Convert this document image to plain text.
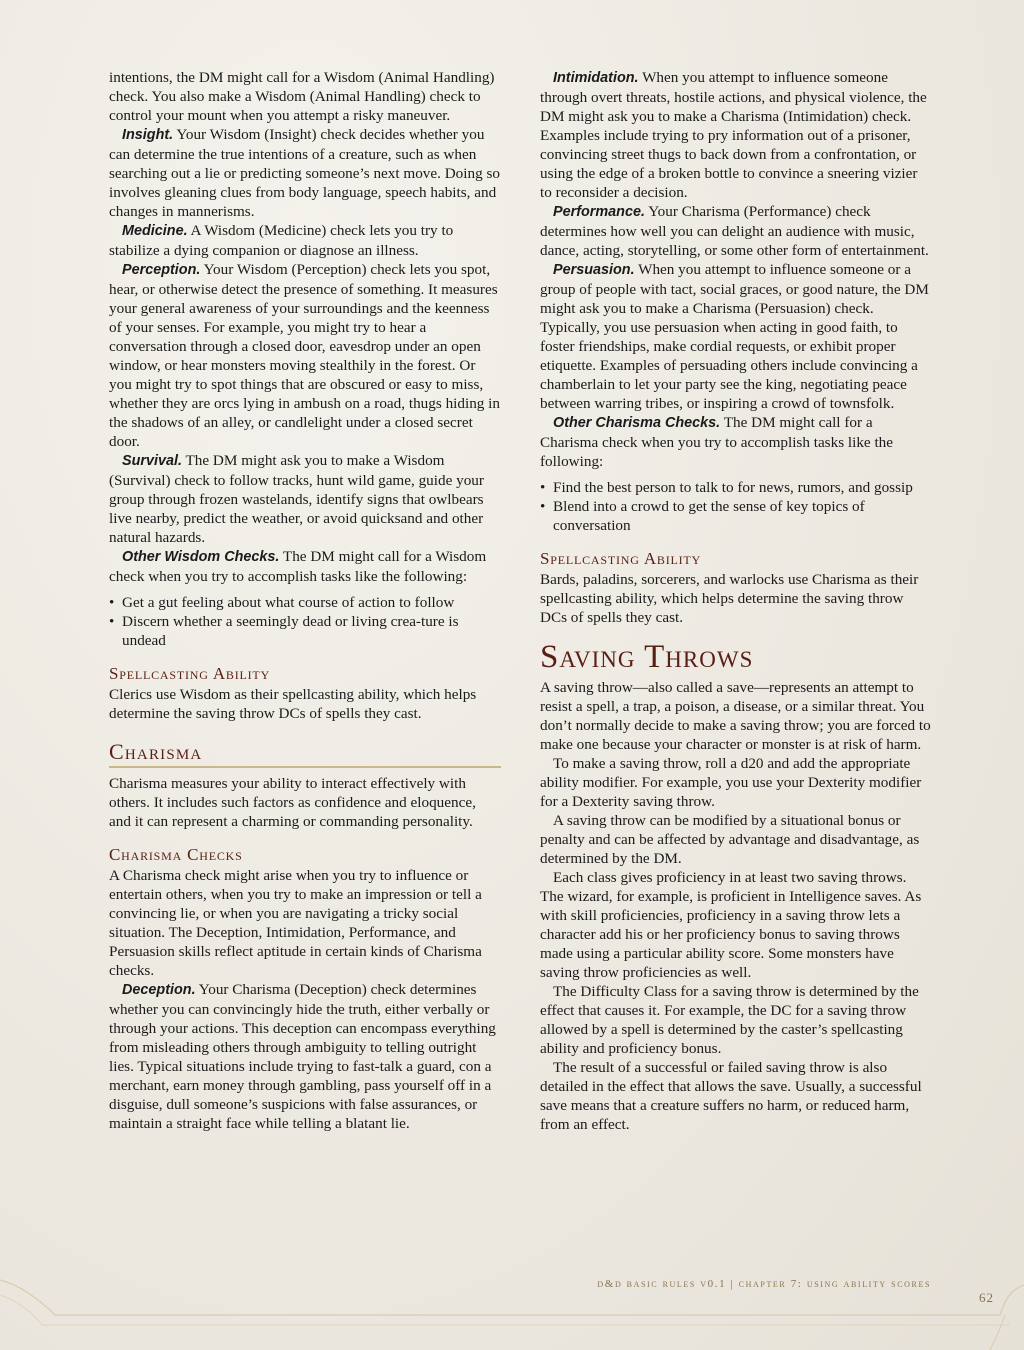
intentions, the DM might call for a Wisdom (Animal Handling) check. You also make a Wisdom (Animal Handling) check to control your mount when you attempt a risky maneuver.

Insight. Your Wisdom (Insight) check decides whether you can determine the true intentions of a creature, such as when searching out a lie or predicting someone’s next move. Doing so involves gleaning clues from body language, speech habits, and changes in mannerisms.

Medicine. A Wisdom (Medicine) check lets you try to stabilize a dying companion or diagnose an illness.

Perception. Your Wisdom (Perception) check lets you spot, hear, or otherwise detect the presence of something. It measures your general awareness of your surroundings and the keenness of your senses. For example, you might try to hear a conversation through a closed door, eavesdrop under an open window, or hear monsters moving stealthily in the forest. Or you might try to spot things that are obscured or easy to miss, whether they are orcs lying in ambush on a road, thugs hiding in the shadows of an alley, or candlelight under a closed secret door.

Survival. The DM might ask you to make a Wisdom (Survival) check to follow tracks, hunt wild game, guide your group through frozen wastelands, identify signs that owlbears live nearby, predict the weather, or avoid quicksand and other natural hazards.

Other Wisdom Checks. The DM might call for a Wisdom check when you try to accomplish tasks like the following:

• Get a gut feeling about what course of action to follow
• Discern whether a seemingly dead or living crea-ture is undead
Spellcasting Ability

Clerics use Wisdom as their spellcasting ability, which helps determine the saving throw DCs of spells they cast.

Charisma

Charisma measures your ability to interact effectively with others. It includes such factors as confidence and eloquence, and it can represent a charming or commanding personality.

Charisma Checks

A Charisma check might arise when you try to influence or entertain others, when you try to make an impression or tell a convincing lie, or when you are navigating a tricky social situation. The Deception, Intimidation, Performance, and Persuasion skills reflect aptitude in certain kinds of Charisma checks.

Deception. Your Charisma (Deception) check determines whether you can convincingly hide the truth, either verbally or through your actions. This deception can encompass everything from misleading others through ambiguity to telling outright lies. Typical situations include trying to fast-talk a guard, con a merchant, earn money through gambling, pass yourself off in a disguise, dull someone’s suspicions with false assurances, or maintain a straight face while telling a blatant lie.

Intimidation. When you attempt to influence someone through overt threats, hostile actions, and physical violence, the DM might ask you to make a Charisma (Intimidation) check. Examples include trying to pry information out of a prisoner, convincing street thugs to back down from a confrontation, or using the edge of a broken bottle to convince a sneering vizier to reconsider a decision.

Performance. Your Charisma (Performance) check determines how well you can delight an audience with music, dance, acting, storytelling, or some other form of entertainment.

Persuasion. When you attempt to influence someone or a group of people with tact, social graces, or good nature, the DM might ask you to make a Charisma (Persuasion) check. Typically, you use persuasion when acting in good faith, to foster friendships, make cordial requests, or exhibit proper etiquette. Examples of persuading others include convincing a chamberlain to let your party see the king, negotiating peace between warring tribes, or inspiring a crowd of townsfolk.

Other Charisma Checks. The DM might call for a Charisma check when you try to accomplish tasks like the following:

• Find the best person to talk to for news, rumors, and gossip
• Blend into a crowd to get the sense of key topics of conversation
Spellcasting Ability

Bards, paladins, sorcerers, and warlocks use Charisma as their spellcasting ability, which helps determine the saving throw DCs of spells they cast.

Saving Throws

A saving throw—also called a save—represents an attempt to resist a spell, a trap, a poison, a disease, or a similar threat. You don’t normally decide to make a saving throw; you are forced to make one because your character or monster is at risk of harm.

To make a saving throw, roll a d20 and add the appropriate ability modifier. For example, you use your Dexterity modifier for a Dexterity saving throw.

A saving throw can be modified by a situational bonus or penalty and can be affected by advantage and disadvantage, as determined by the DM.

Each class gives proficiency in at least two saving throws. The wizard, for example, is proficient in Intelligence saves. As with skill proficiencies, proficiency in a saving throw lets a character add his or her proficiency bonus to saving throws made using a particular ability score. Some monsters have saving throw proficiencies as well.

The Difficulty Class for a saving throw is determined by the effect that causes it. For example, the DC for a saving throw allowed by a spell is determined by the caster’s spellcasting ability and proficiency bonus.

The result of a successful or failed saving throw is also detailed in the effect that allows the save. Usually, a successful save means that a creature suffers no harm, or reduced harm, from an effect.

d&d basic rules v0.1 | chapter 7: using ability scores
62
